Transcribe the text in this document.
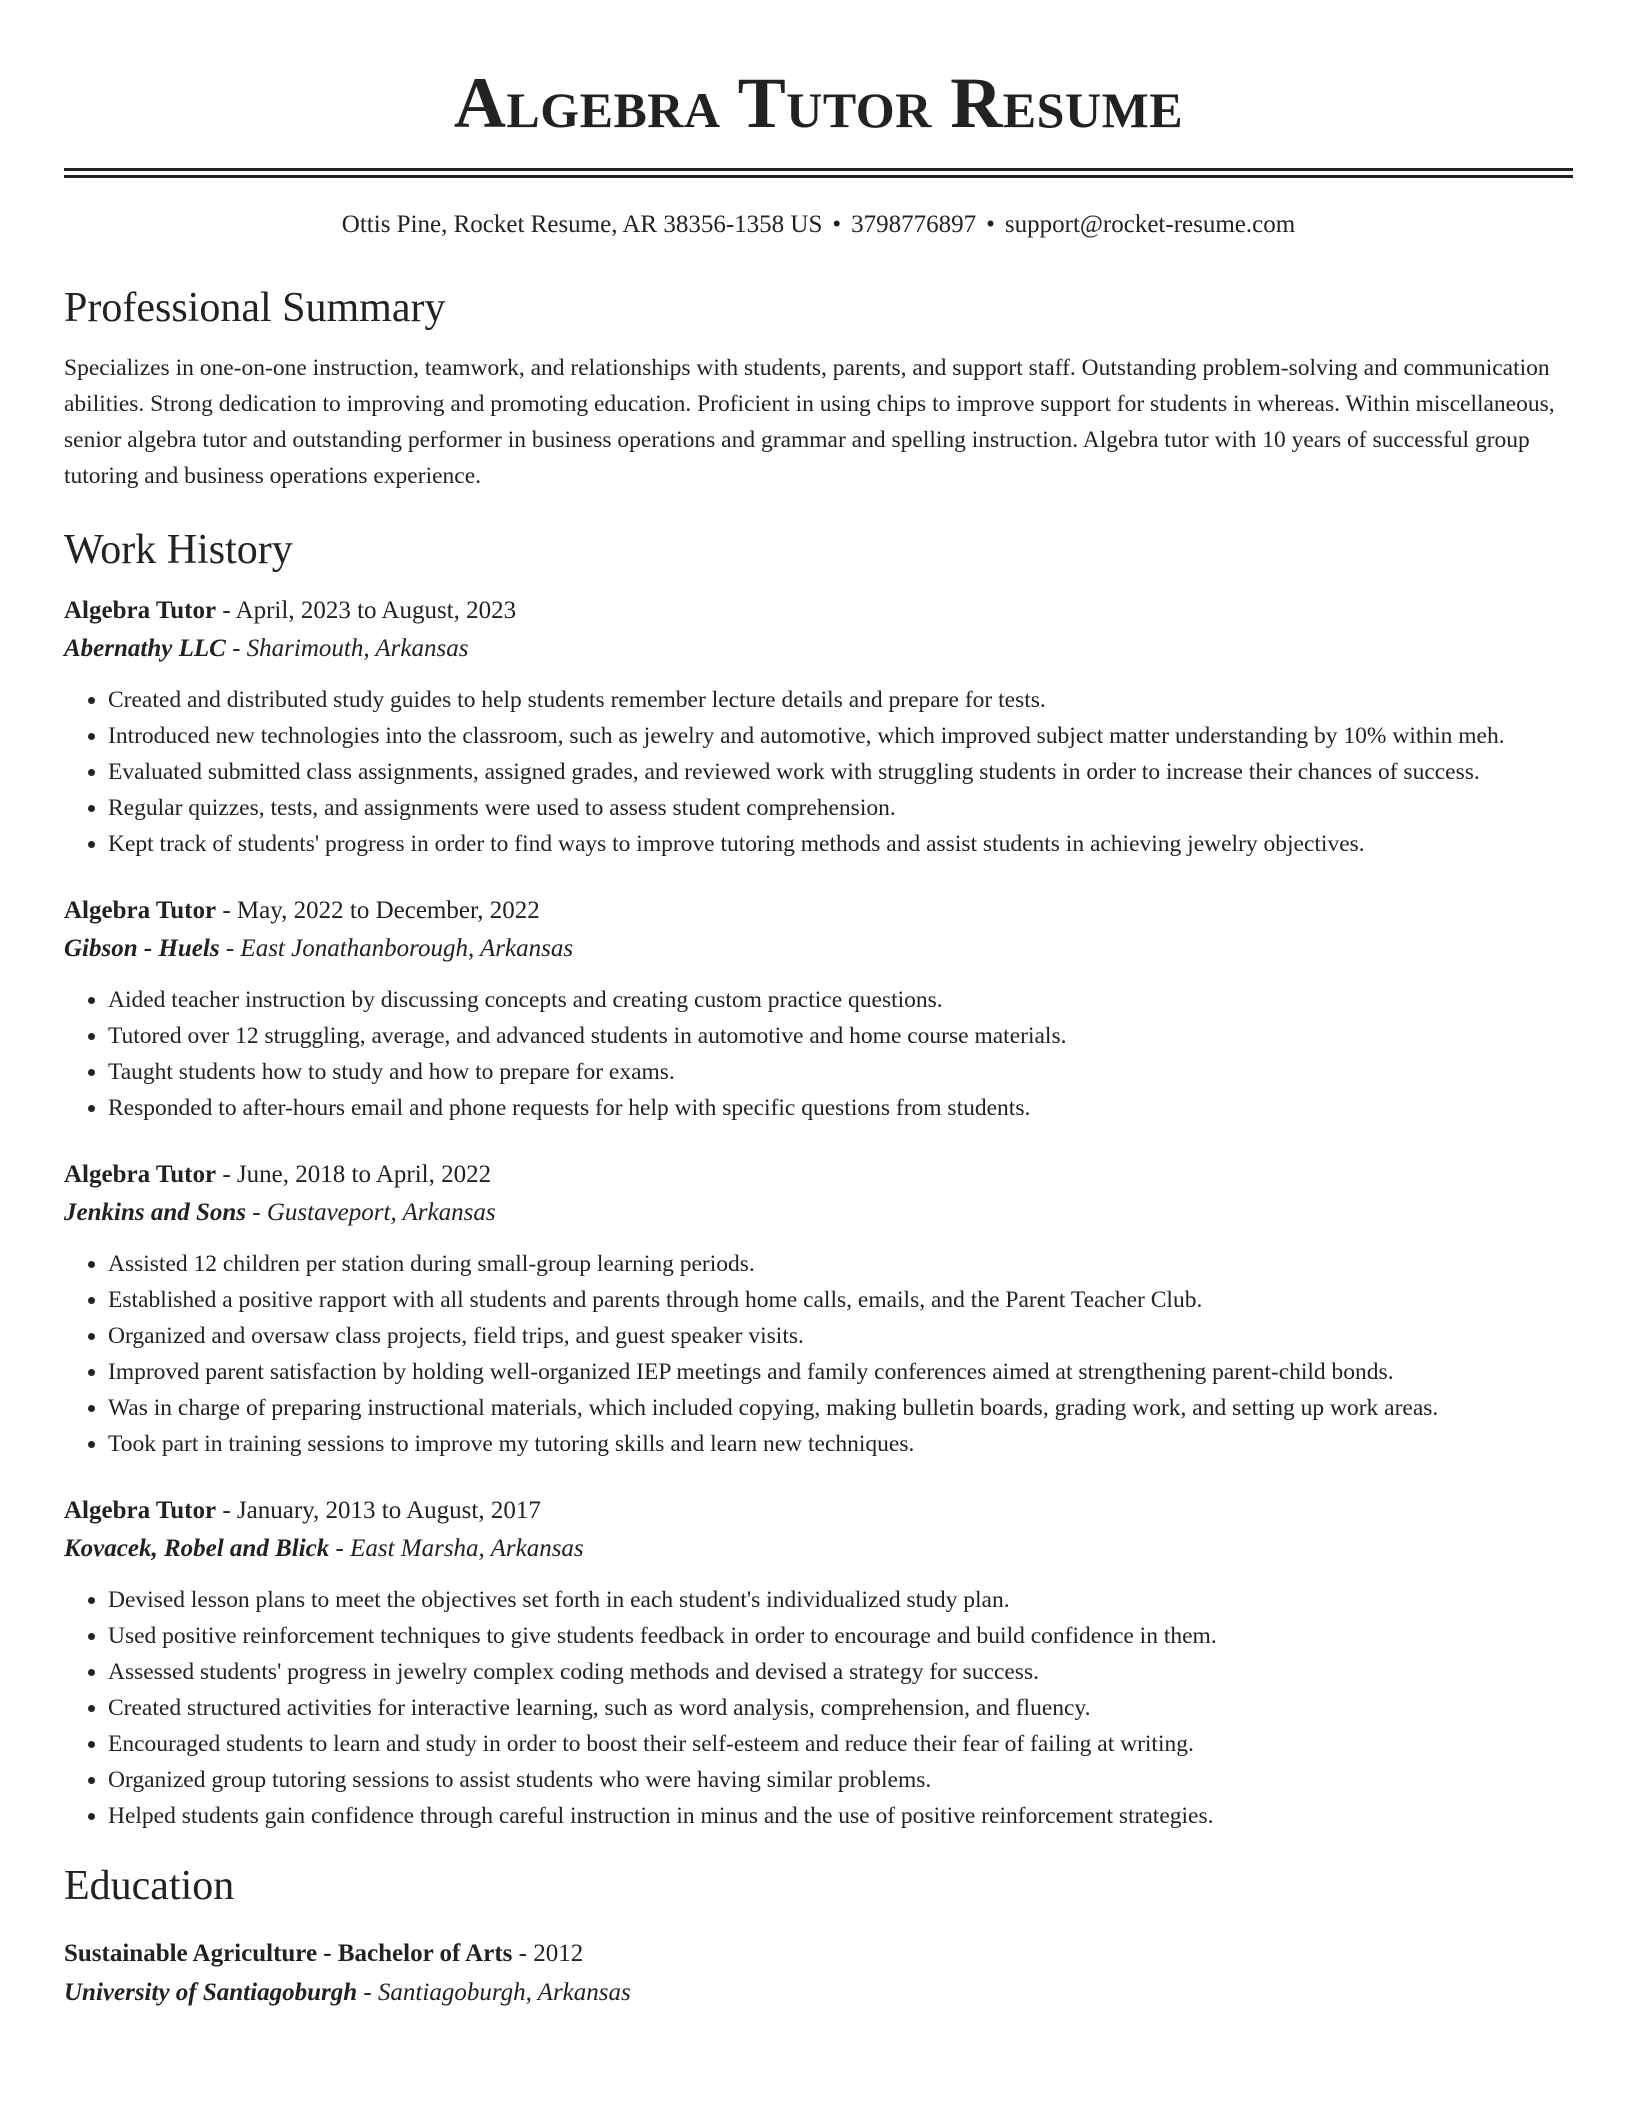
Algebra Tutor Resume
Ottis Pine, Rocket Resume, AR 38356-1358 US • 3798776897 • support@rocket-resume.com
Professional Summary

Specializes in one-on-one instruction, teamwork, and relationships with students, parents, and support staff. Outstanding problem-solving and communication abilities. Strong dedication to improving and promoting education. Proficient in using chips to improve support for students in whereas. Within miscellaneous, senior algebra tutor and outstanding performer in business operations and grammar and spelling instruction. Algebra tutor with 10 years of successful group tutoring and business operations experience.

Work History
Algebra Tutor - April, 2023 to August, 2023
Abernathy LLC - Sharimouth, Arkansas
• Created and distributed study guides to help students remember lecture details and prepare for tests.
• Introduced new technologies into the classroom, such as jewelry and automotive, which improved subject matter understanding by 10% within meh.
• Evaluated submitted class assignments, assigned grades, and reviewed work with struggling students in order to increase their chances of success.
• Regular quizzes, tests, and assignments were used to assess student comprehension.
• Kept track of students' progress in order to find ways to improve tutoring methods and assist students in achieving jewelry objectives.
Algebra Tutor - May, 2022 to December, 2022
Gibson - Huels - East Jonathanborough, Arkansas
• Aided teacher instruction by discussing concepts and creating custom practice questions.
• Tutored over 12 struggling, average, and advanced students in automotive and home course materials.
• Taught students how to study and how to prepare for exams.
• Responded to after-hours email and phone requests for help with specific questions from students.
Algebra Tutor - June, 2018 to April, 2022
Jenkins and Sons - Gustaveport, Arkansas
• Assisted 12 children per station during small-group learning periods.
• Established a positive rapport with all students and parents through home calls, emails, and the Parent Teacher Club.
• Organized and oversaw class projects, field trips, and guest speaker visits.
• Improved parent satisfaction by holding well-organized IEP meetings and family conferences aimed at strengthening parent-child bonds.
• Was in charge of preparing instructional materials, which included copying, making bulletin boards, grading work, and setting up work areas.
• Took part in training sessions to improve my tutoring skills and learn new techniques.
Algebra Tutor - January, 2013 to August, 2017
Kovacek, Robel and Blick - East Marsha, Arkansas
• Devised lesson plans to meet the objectives set forth in each student's individualized study plan.
• Used positive reinforcement techniques to give students feedback in order to encourage and build confidence in them.
• Assessed students' progress in jewelry complex coding methods and devised a strategy for success.
• Created structured activities for interactive learning, such as word analysis, comprehension, and fluency.
• Encouraged students to learn and study in order to boost their self-esteem and reduce their fear of failing at writing.
• Organized group tutoring sessions to assist students who were having similar problems.
• Helped students gain confidence through careful instruction in minus and the use of positive reinforcement strategies.
Education
Sustainable Agriculture - Bachelor of Arts - 2012
University of Santiagoburgh - Santiagoburgh, Arkansas
